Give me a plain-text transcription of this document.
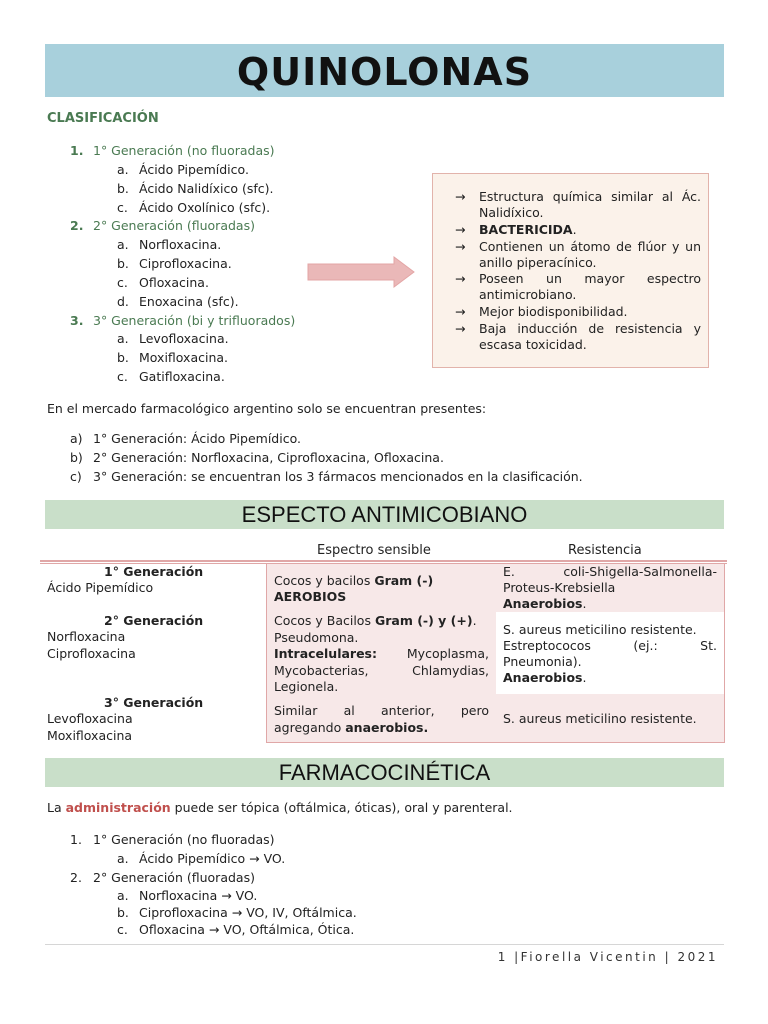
QUINOLONAS
CLASIFICACIÓN
1. 1° Generación (no fluoradas)
a. Ácido Pipemídico.
b. Ácido Nalidíxico (sfc).
c. Ácido Oxolínico (sfc).
2. 2° Generación (fluoradas)
a. Norfloxacina.
b. Ciprofloxacina.
c. Ofloxacina.
d. Enoxacina (sfc).
3. 3° Generación (bi y trifluorados)
a. Levofloxacina.
b. Moxifloxacina.
c. Gatifloxacina.
→ Estructura química similar al Ác. Nalidíxico.
→ BACTERICIDA.
→ Contienen un átomo de flúor y un anillo piperacínico.
→ Poseen un mayor espectro antimicrobiano.
→ Mejor biodisponibilidad.
→ Baja inducción de resistencia y escasa toxicidad.
En el mercado farmacológico argentino solo se encuentran presentes:
a) 1° Generación: Ácido Pipemídico.
b) 2° Generación: Norfloxacina, Ciprofloxacina, Ofloxacina.
c) 3° Generación: se encuentran los 3 fármacos mencionados en la clasificación.
ESPECTO ANTIMICOBIANO
Espectro sensible	Resistencia
1° Generación
Ácido Pipemídico	Cocos y bacilos Gram (-)
AEROBIOS
E. coli-Shigella-Salmonella-Proteus-Krebsiella
Anaerobios.
2° Generación
Norfloxacina
Ciprofloxacina
Cocos y Bacilos Gram (-) y (+).
Pseudomona.
Intracelulares: Mycoplasma, Mycobacterias, Chlamydias, Legionela.
S. aureus meticilino resistente.
Estreptococos (ej.: St. Pneumonia).
Anaerobios.
3° Generación
Levofloxacina
Moxifloxacina
Similar al anterior, pero agregando anaerobios.
S. aureus meticilino resistente.
FARMACOCINÉTICA
La administración puede ser tópica (oftálmica, óticas), oral y parenteral.
1. 1° Generación (no fluoradas)
a. Ácido Pipemídico → VO.
2. 2° Generación (fluoradas)
a. Norfloxacina → VO.
b. Ciprofloxacina → VO, IV, Oftálmica.
c. Ofloxacina → VO, Oftálmica, Ótica.
1 |Fiorella Vicentin | 2021
